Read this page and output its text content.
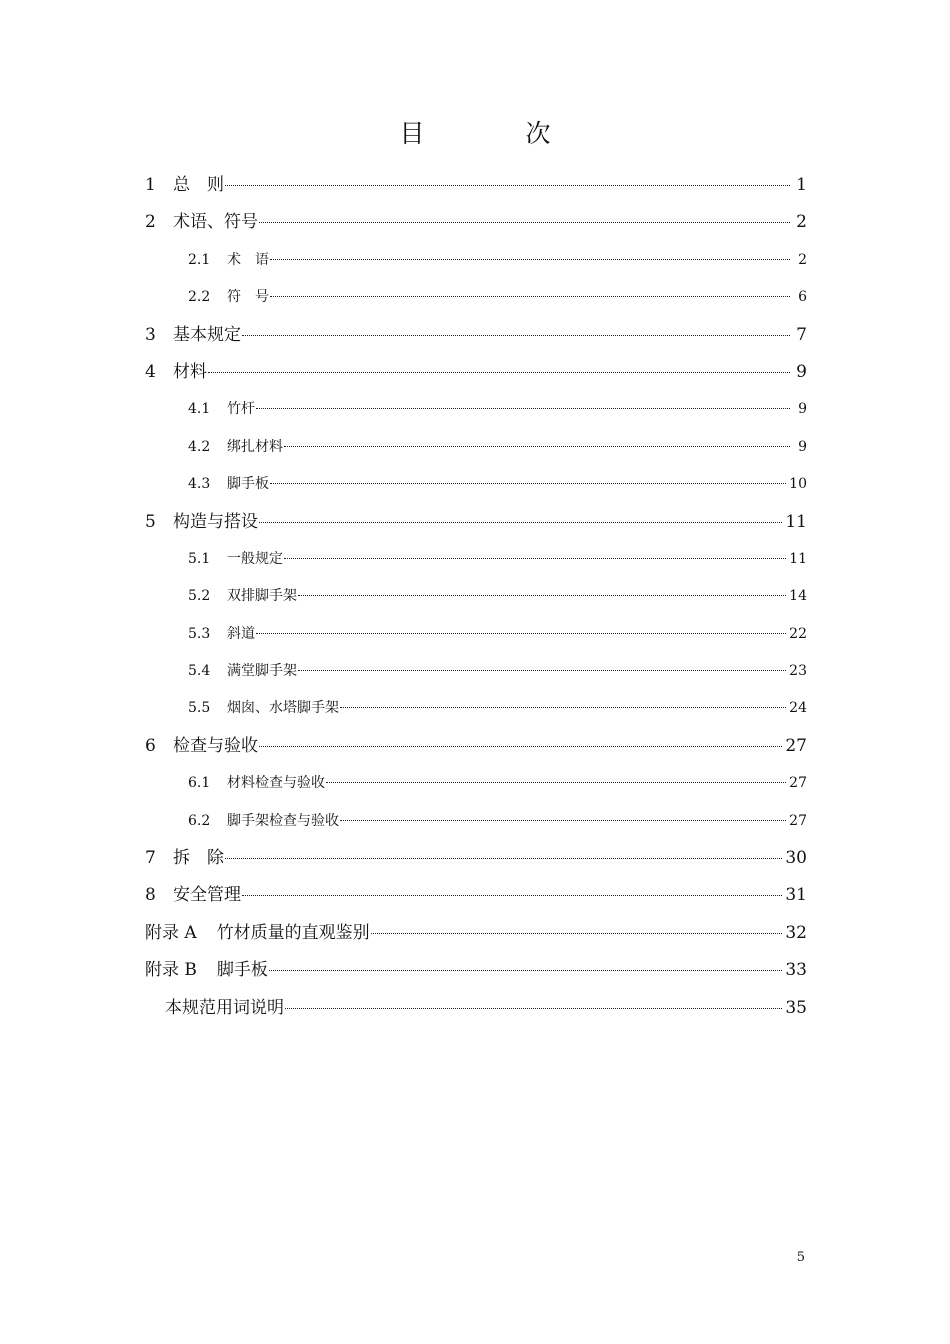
目　次
1	总　则	1
2	术语、符号	2
2.1	术　语	2
2.2	符　号	6
3	基本规定	7
4	材料	9
4.1	竹杆	9
4.2	绑扎材料	9
4.3	脚手板	10
5	构造与搭设	11
5.1	一般规定	11
5.2	双排脚手架	14
5.3	斜道	22
5.4	满堂脚手架	23
5.5	烟囱、水塔脚手架	24
6	检查与验收	27
6.1	材料检查与验收	27
6.2	脚手架检查与验收	27
7	拆　除	30
8	安全管理	31
附录 A 竹材质量的直观鉴别	32
附录 B 脚手板	33
本规范用词说明	35
5
